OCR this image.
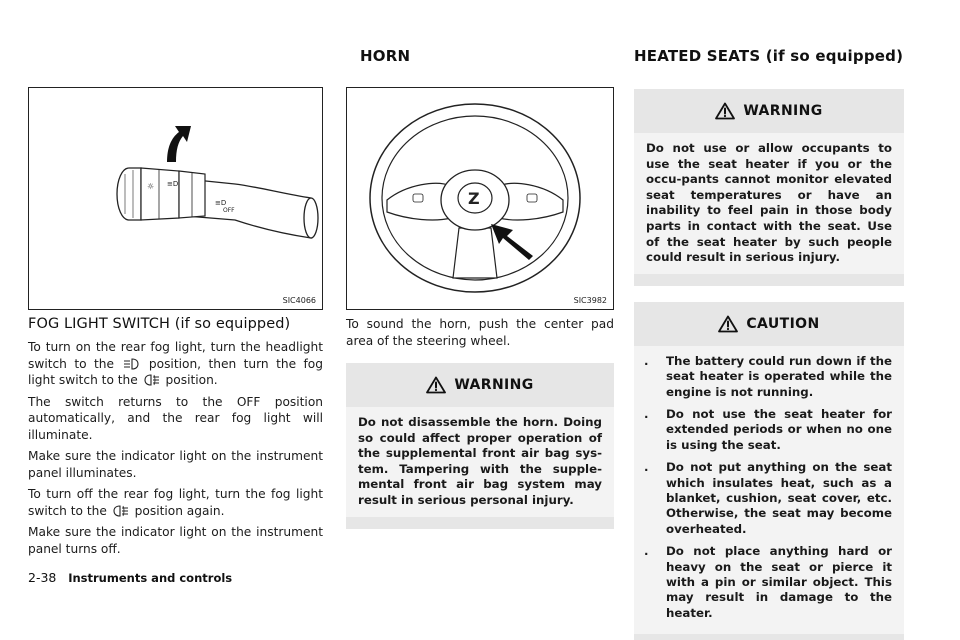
HORN	HEATED SEATS (if so equipped)
☼ ≡D
≡D
OFF
SIC4066
Z
SIC3982
FOG LIGHT SWITCH (if so equipped)

To turn on the rear fog light, turn the headlight switch to the	position, then turn the fog light switch to the position.

The switch returns to the OFF position automatically, and the rear fog light will illuminate.

Make sure the indicator light on the instrument panel illuminates.

To turn off the rear fog light, turn the fog light switch to the position again.

Make sure the indicator light on the instrument panel turns off.

To sound the horn, push the center pad area of the steering wheel.

WARNING
Do not disassemble the horn. Doing so could affect proper operation of the supplemental front air bag sys-tem. Tampering with the supple-mental front air bag system may result in serious personal injury.
WARNING
Do not use or allow occupants to use the seat heater if you or the occu-pants cannot monitor elevated seat temperatures or have an inability to feel pain in those body parts in contact with the seat. Use of the seat heater by such people could result in serious injury.
CAUTION
.	The battery could run down if the seat heater is operated while the engine is not running.
.	Do not use the seat heater for extended periods or when no one is using the seat.
.	Do not put anything on the seat which insulates heat, such as a blanket, cushion, seat cover, etc. Otherwise, the seat may become overheated.
.	Do not place anything hard or heavy on the seat or pierce it with a pin or similar object. This may result in damage to the heater.
2-38 Instruments and controls
